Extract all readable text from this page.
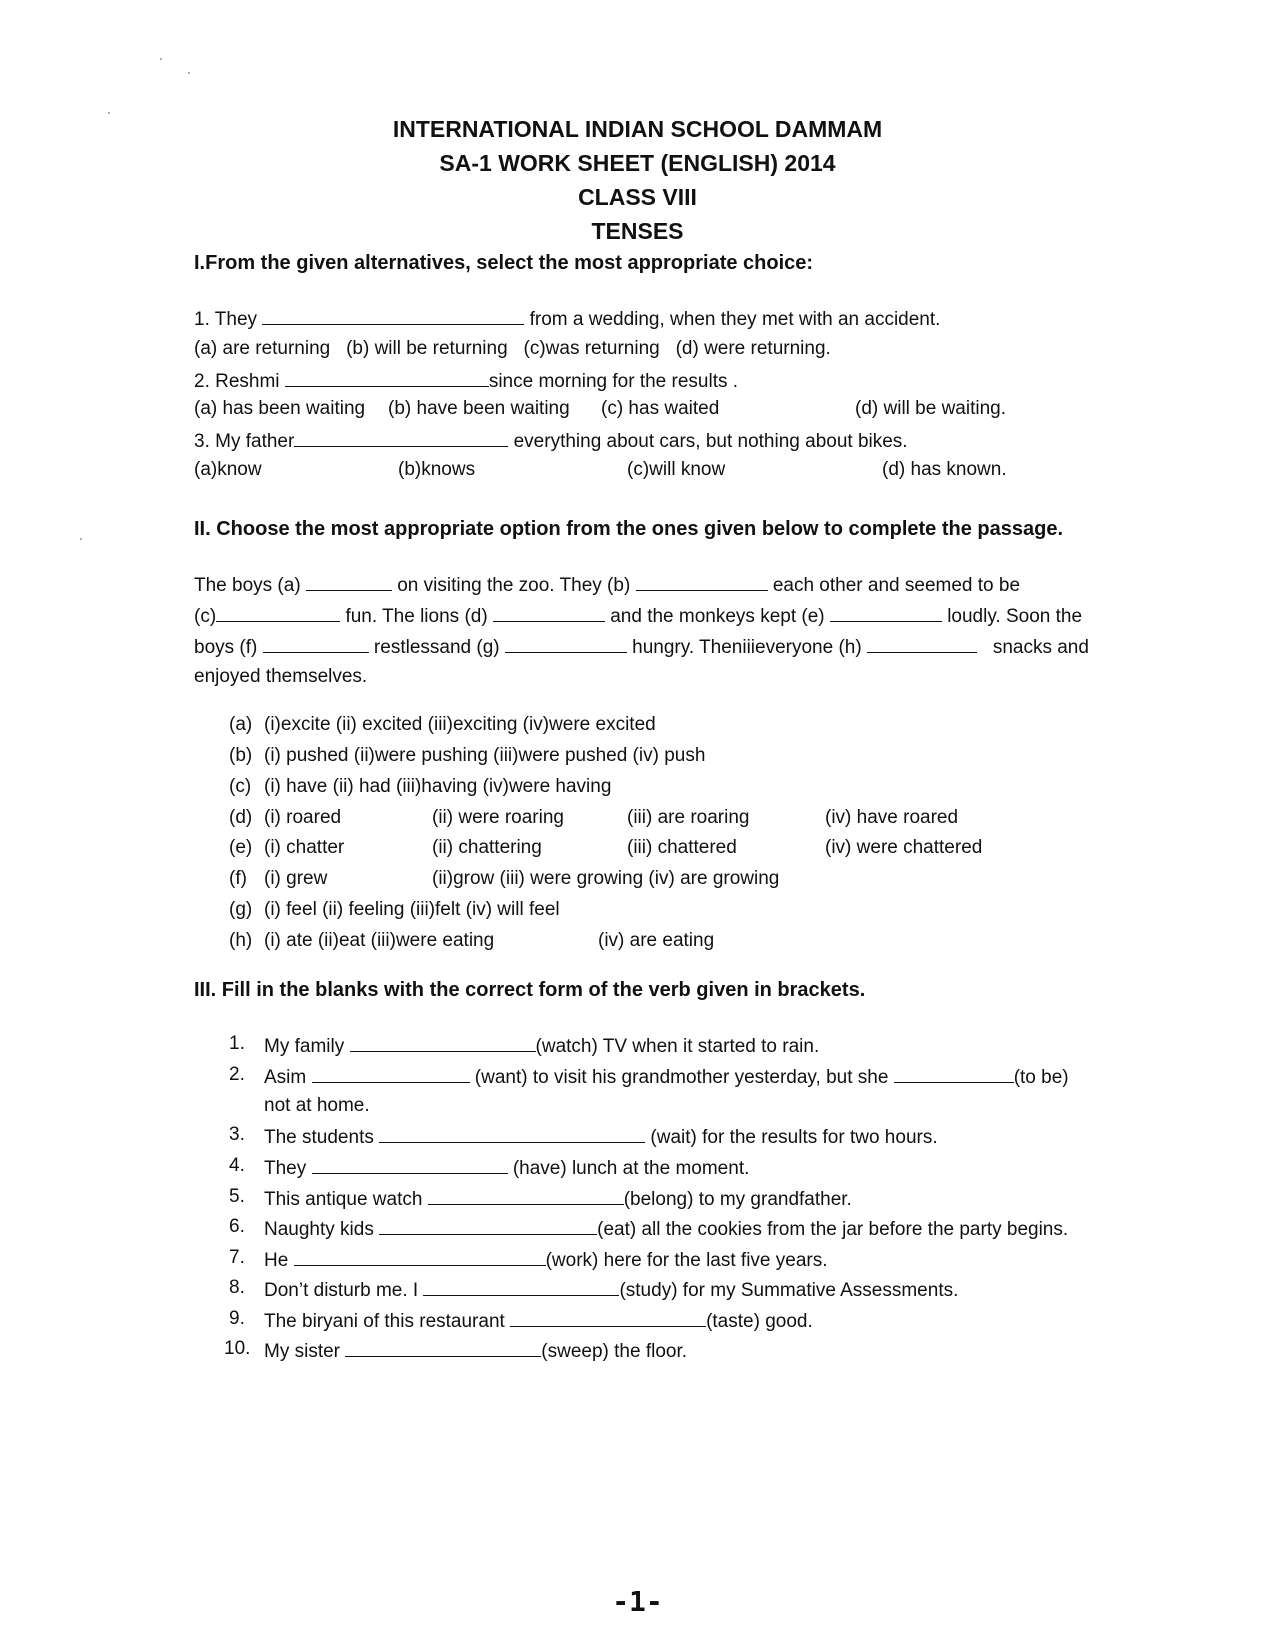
INTERNATIONAL INDIAN SCHOOL DAMMAM
SA-1 WORK SHEET (ENGLISH) 2014
CLASS VIII
TENSES
I.From the given alternatives, select the most appropriate choice:
1. They	from a wedding, when they met with an accident.
(a) are returning (b) will be returning (c)was returning (d) were returning.
2. Reshmi	since morning for the results .
(a) has been waiting (b) have been waiting (c) has waited	(d) will be waiting.
3. My father	everything about cars, but nothing about bikes.
(a)know	(b)knows	(c)will know	(d) has known.
II. Choose the most appropriate option from the ones given below to complete the passage.
The boys (a)	on visiting the zoo. They (b)	each other and seemed to be
(c)	fun. The lions (d)	and the monkeys kept (e)	loudly. Soon the
boys (f)	restlessand (g)	hungry. Theniiieveryone (h)	snacks and
enjoyed themselves.
(a) (i)excite (ii) excited (iii)exciting (iv)were excited
(b) (i) pushed (ii)were pushing (iii)were pushed (iv) push
(c) (i) have (ii) had (iii)having (iv)were having
(d) (i) roared	(ii) were roaring	(iii) are roaring	(iv) have roared
(e) (i) chatter	(ii) chattering	(iii) chattered	(iv) were chattered
(f) (i) grew	(ii)grow (iii) were growing (iv) are growing
(g) (i) feel (ii) feeling (iii)felt (iv) will feel
(h) (i) ate (ii)eat (iii)were eating	(iv) are eating
III. Fill in the blanks with the correct form of the verb given in brackets.
1. My family	(watch) TV when it started to rain.
2. Asim	(want) to visit his grandmother yesterday, but she	(to be)
not at home.
3. The students	(wait) for the results for two hours.
4. They	(have) lunch at the moment.
5. This antique watch	(belong) to my grandfather.
6. Naughty kids	(eat) all the cookies from the jar before the party begins.
7. He	(work) here for the last five years.
8. Don’t disturb me. I	(study) for my Summative Assessments.
9. The biryani of this restaurant	(taste) good.
10. My sister	(sweep) the floor.
-1-
